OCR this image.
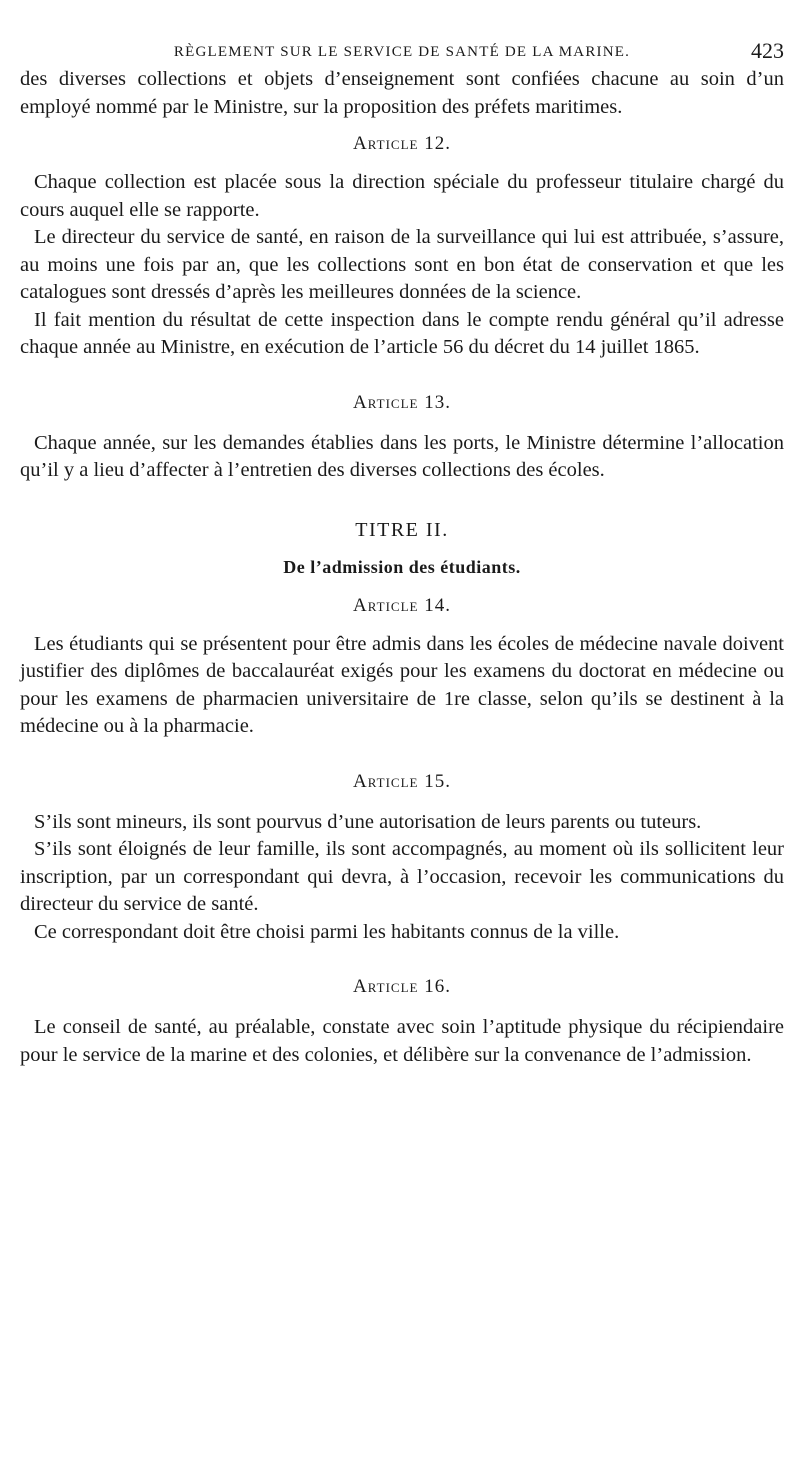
RÈGLEMENT SUR LE SERVICE DE SANTÉ DE LA MARINE.	423

des diverses collections et objets d’enseignement sont confiées chacune au soin d’un employé nommé par le Ministre, sur la proposition des préfets maritimes.

Article 12.

Chaque collection est placée sous la direction spéciale du professeur titulaire chargé du cours auquel elle se rapporte.

Le directeur du service de santé, en raison de la surveillance qui lui est attribuée, s’assure, au moins une fois par an, que les collections sont en bon état de conservation et que les catalogues sont dressés d’après les meilleures données de la science.

Il fait mention du résultat de cette inspection dans le compte rendu général qu’il adresse chaque année au Ministre, en exécution de l’article 56 du décret du 14 juillet 1865.

Article 13.

Chaque année, sur les demandes établies dans les ports, le Ministre détermine l’allocation qu’il y a lieu d’affecter à l’entretien des diverses collections des écoles.

TITRE II.
De l’admission des étudiants.
Article 14.

Les étudiants qui se présentent pour être admis dans les écoles de médecine navale doivent justifier des diplômes de baccalauréat exigés pour les examens du doctorat en médecine ou pour les examens de pharmacien universitaire de 1re classe, selon qu’ils se destinent à la médecine ou à la pharmacie.

Article 15.

S’ils sont mineurs, ils sont pourvus d’une autorisation de leurs parents ou tuteurs.

S’ils sont éloignés de leur famille, ils sont accompagnés, au moment où ils sollicitent leur inscription, par un correspondant qui devra, à l’occasion, recevoir les communications du directeur du service de santé.

Ce correspondant doit être choisi parmi les habitants connus de la ville.

Article 16.

Le conseil de santé, au préalable, constate avec soin l’aptitude physique du récipiendaire pour le service de la marine et des colonies, et délibère sur la convenance de l’admission.
